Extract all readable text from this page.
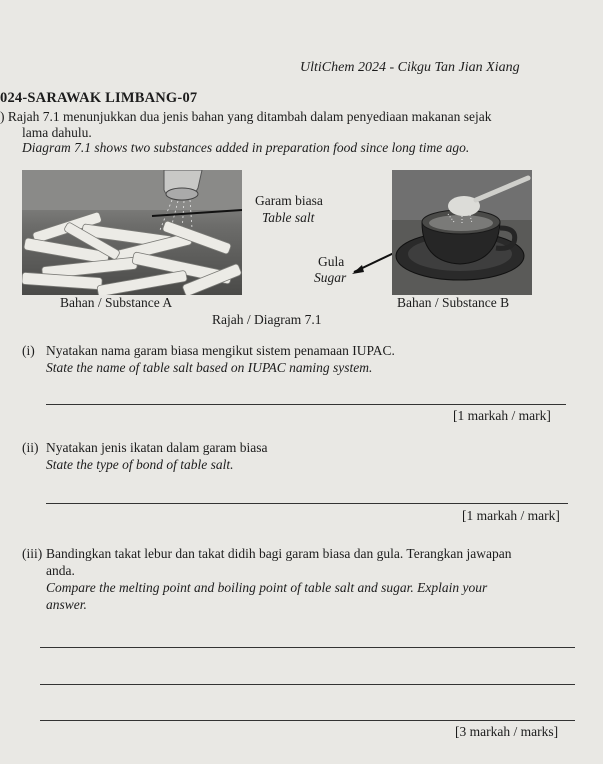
UltiChem 2024 - Cikgu Tan Jian Xiang
024-SARAWAK LIMBANG-07
) Rajah 7.1 menunjukkan dua jenis bahan yang ditambah dalam penyediaan makanan sejak
lama dahulu.
Diagram 7.1 shows two substances added in preparation food since long time ago.
Garam biasa
Table salt
Gula
Sugar
Bahan / Substance A	Bahan / Substance B
Rajah / Diagram 7.1
(i) Nyatakan nama garam biasa mengikut sistem penamaan IUPAC.
State the name of table salt based on IUPAC naming system.
[1 markah / mark]
(ii) Nyatakan jenis ikatan dalam garam biasa
State the type of bond of table salt.
[1 markah / mark]
(iii) Bandingkan takat lebur dan takat didih bagi garam biasa dan gula. Terangkan jawapan
anda.
Compare the melting point and boiling point of table salt and sugar. Explain your
answer.
[3 markah / marks]
